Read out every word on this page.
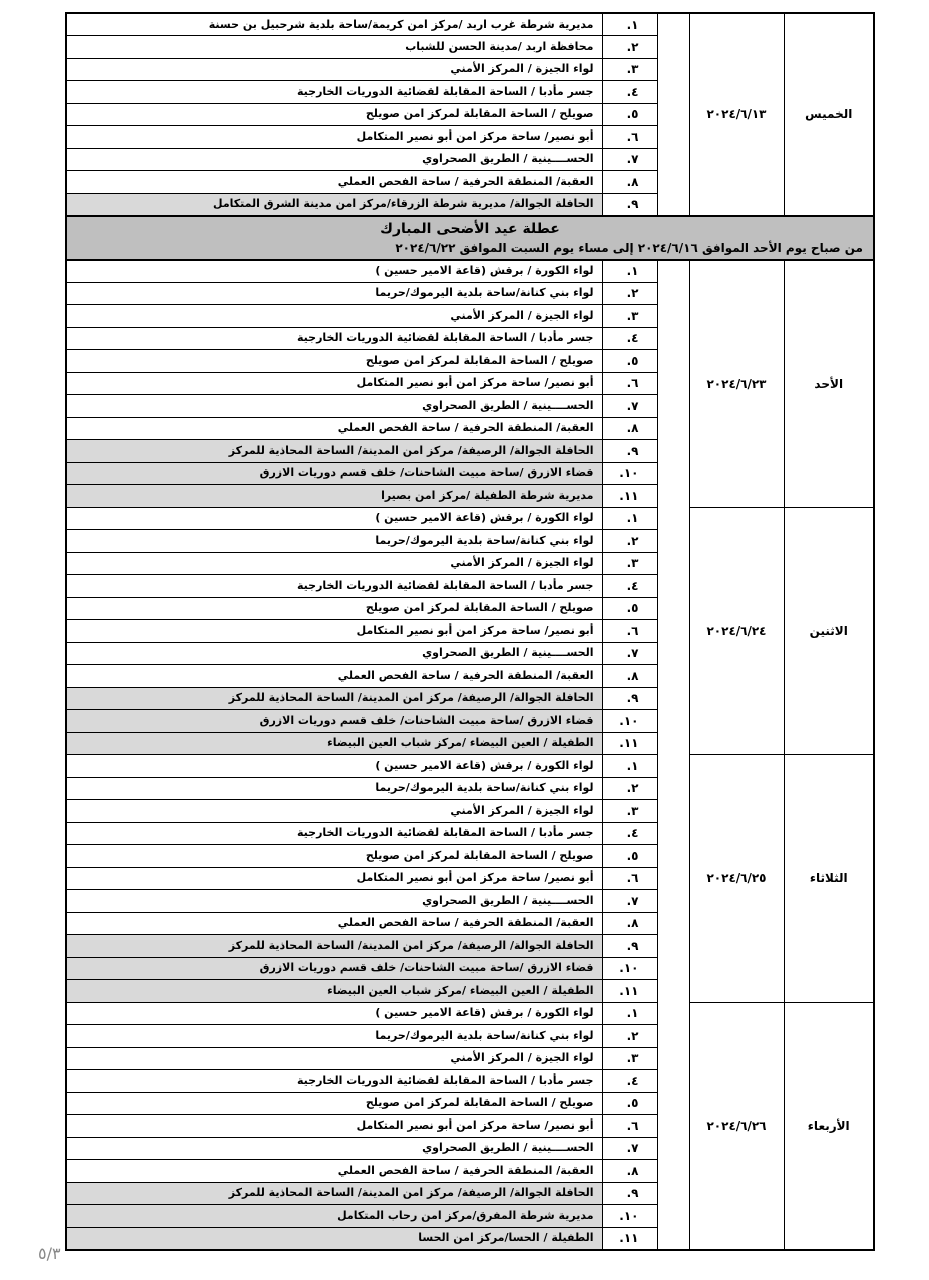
مديرية شرطة غرب اربد /مركز امن كريمة/ساحة بلدية شرحبيل بن حسنة	١.		٢٠٢٤/٦/١٣	الخميس
محافظة اربد /مدينة الحسن للشباب	٢.			
لواء الجيزة / المركز الأمني	٣.			
جسر مأدبا / الساحة المقابلة لقضائية الدوريات الخارجية	٤.			
صويلح / الساحة المقابلة لمركز امن صويلح	٥.			
أبو نصير/ ساحة مركز امن أبو نصير المتكامل	٦.			
الحســــينية / الطريق الصحراوي	٧.			
العقبة/ المنطقة الحرفية / ساحة الفحص العملي	٨.			
الحافلة الجوالة/ مديرية شرطة الزرقاء/مركز امن مدينة الشرق المتكامل	٩.			

عطلة عيد الأضحى المبارك
من صباح يوم الأحد الموافق ٢٠٢٤/٦/١٦ إلى مساء يوم السبت الموافق ٢٠٢٤/٦/٢٢				

لواء الكورة / برقش (قاعة الامير حسين )	١.		٢٠٢٤/٦/٢٣	الأحد
لواء بني كنانة/ساحة بلدية اليرموك/حريما	٢.			
لواء الجيزة / المركز الأمني	٣.			
جسر مأدبا / الساحة المقابلة لقضائية الدوريات الخارجية	٤.			
صويلح / الساحة المقابلة لمركز امن صويلح	٥.			
أبو نصير/ ساحة مركز امن أبو نصير المتكامل	٦.			
الحســــينية / الطريق الصحراوي	٧.			
العقبة/ المنطقة الحرفية / ساحة الفحص العملي	٨.			
الحافلة الجوالة/ الرصيفة/ مركز امن المدينة/ الساحة المحاذية للمركز	٩.			
قضاء الازرق /ساحة مبيت الشاحنات/ خلف قسم دوريات الازرق	١٠.			
مديرية شرطة الطفيلة /مركز امن بصيرا	١١.			
لواء الكورة / برقش (قاعة الامير حسين )	١.		٢٠٢٤/٦/٢٤	الاثنين
لواء بني كنانة/ساحة بلدية اليرموك/حريما	٢.			
لواء الجيزة / المركز الأمني	٣.			
جسر مأدبا / الساحة المقابلة لقضائية الدوريات الخارجية	٤.			
صويلح / الساحة المقابلة لمركز امن صويلح	٥.			
أبو نصير/ ساحة مركز امن أبو نصير المتكامل	٦.			
الحســــينية / الطريق الصحراوي	٧.			
العقبة/ المنطقة الحرفية / ساحة الفحص العملي	٨.			
الحافلة الجوالة/ الرصيفة/ مركز امن المدينة/ الساحة المحاذية للمركز	٩.			
قضاء الازرق /ساحة مبيت الشاحنات/ خلف قسم دوريات الازرق	١٠.			
الطفيلة / العين البيضاء /مركز شباب العين البيضاء	١١.			
لواء الكورة / برقش (قاعة الامير حسين )	١.		٢٠٢٤/٦/٢٥	الثلاثاء
لواء بني كنانة/ساحة بلدية اليرموك/حريما	٢.			
لواء الجيزة / المركز الأمني	٣.			
جسر مأدبا / الساحة المقابلة لقضائية الدوريات الخارجية	٤.			
صويلح / الساحة المقابلة لمركز امن صويلح	٥.			
أبو نصير/ ساحة مركز امن أبو نصير المتكامل	٦.			
الحســــينية / الطريق الصحراوي	٧.			
العقبة/ المنطقة الحرفية / ساحة الفحص العملي	٨.			
الحافلة الجوالة/ الرصيفة/ مركز امن المدينة/ الساحة المحاذية للمركز	٩.			
قضاء الازرق /ساحة مبيت الشاحنات/ خلف قسم دوريات الازرق	١٠.			
الطفيلة / العين البيضاء /مركز شباب العين البيضاء	١١.			
لواء الكورة / برقش (قاعة الامير حسين )	١.		٢٠٢٤/٦/٢٦	الأربعاء
لواء بني كنانة/ساحة بلدية اليرموك/حريما	٢.			
لواء الجيزة / المركز الأمني	٣.			
جسر مأدبا / الساحة المقابلة لقضائية الدوريات الخارجية	٤.			
صويلح / الساحة المقابلة لمركز امن صويلح	٥.			
أبو نصير/ ساحة مركز امن أبو نصير المتكامل	٦.			
الحســــينية / الطريق الصحراوي	٧.			
العقبة/ المنطقة الحرفية / ساحة الفحص العملي	٨.			
الحافلة الجوالة/ الرصيفة/ مركز امن المدينة/ الساحة المحاذية للمركز	٩.			
مديرية شرطة المفرق/مركز امن رحاب المتكامل	١٠.			
الطفيلة / الحسا/مركز امن الحسا	١١.			
٥/٣
